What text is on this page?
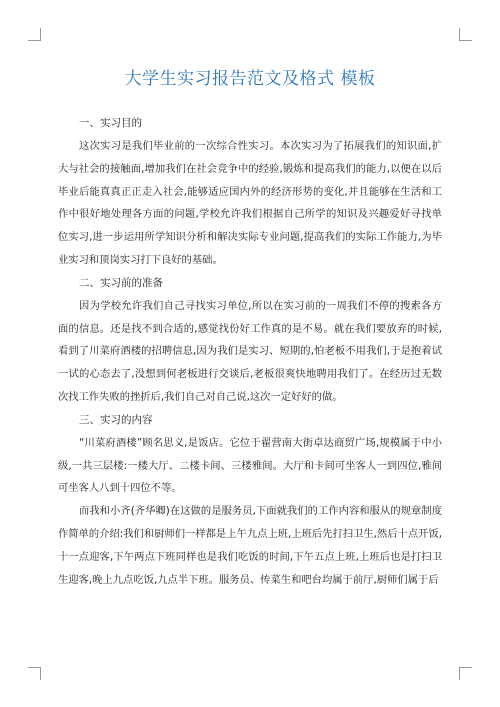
大学生实习报告范文及格式 模板
一、实习目的
这次实习是我们毕业前的一次综合性实习。本次实习为了拓展我们的知识面,扩大与社会的接触面,增加我们在社会竞争中的经验,锻炼和提高我们的能力,以便在以后毕业后能真真正正走入社会,能够适应国内外的经济形势的变化,并且能够在生活和工作中很好地处理各方面的问题,学校允许我们根据自己所学的知识及兴趣爱好寻找单位实习,进一步运用所学知识分析和解决实际专业问题,提高我们的实际工作能力,为毕业实习和顶岗实习打下良好的基础。
二、实习前的准备
因为学校允许我们自己寻找实习单位,所以在实习前的一周我们不停的搜索各方面的信息。还是找不到合适的,感觉找份好工作真的是不易。就在我们要放弃的时候,看到了川菜府酒楼的招聘信息,因为我们是实习、短期的,怕老板不用我们,于是抱着试一试的心态去了,没想到何老板进行交谈后,老板很爽快地聘用我们了。在经历过无数次找工作失败的挫折后,我们自己对自己说,这次一定好好的做。
三、实习的内容
“川菜府酒楼”顾名思义,是饭店。它位于翟营南大街卓达商贸广场,规模属于中小级,一共三层楼:一楼大厅、二楼卡间、三楼雅间。大厅和卡间可坐客人一到四位,雅间可坐客人八到十四位不等。
而我和小齐(齐华卿)在这做的是服务员,下面就我们的工作内容和服从的规章制度作简单的介绍:我们和厨师们一样都是上午九点上班,上班后先打扫卫生,然后十点开饭,十一点迎客,下午两点下班同样也是我们吃饭的时间,下午五点上班,上班后也是打扫卫生迎客,晚上九点吃饭,九点半下班。服务员、传菜生和吧台均属于前厅,厨师们属于后
